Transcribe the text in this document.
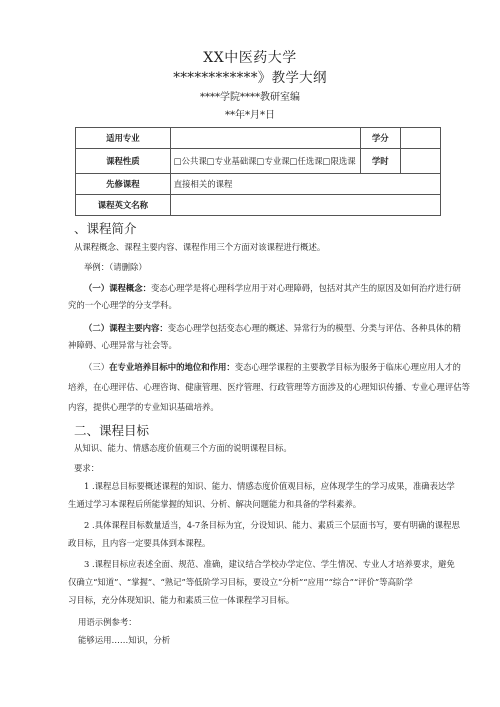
XX中医药大学
************》教学大纲
****学院****教研室编
**年*月*日
适用专业		学分	
课程性质	□公共课□专业基础课□专业课□任选课□限选课	学时	
先修课程	直接相关的课程		
课程英文名称			
、课程简介
从课程概念、课程主要内容、课程作用三个方面对该课程进行概述。
举例：（请删除）
（一）课程概念：变态心理学是将心理科学应用于对心理障碍，包括对其产生的原因及如何治疗进行研
究的一个心理学的分支学科。
（二）课程主要内容：变态心理学包括变态心理的概述、异常行为的模型、分类与评估、各种具体的精
神障碍、心理异常与社会等。
（三）在专业培养目标中的地位和作用：变态心理学课程的主要教学目标为服务于临床心理应用人才的
培养，在心理评估、心理咨询、健康管理、医疗管理、行政管理等方面涉及的心理知识传播、专业心理评估等
内容，提供心理学的专业知识基础培养。
二、课程目标
从知识、能力、情感态度价值观三个方面的说明课程目标。
要求：
1 .课程总目标要概述课程的知识、能力、情感态度价值观目标，应体现学生的学习成果，准确表达学
生通过学习本课程后所能掌握的知识、分析、解决问题能力和具备的学科素养。
2 .具体课程目标数量适当，4-7条目标为宜，分设知识、能力、素质三个层面书写，要有明确的课程思
政目标，且内容一定要具体到本课程。
3 .课程目标应表述全面、规范、准确，建议结合学校办学定位、学生情况、专业人才培养要求，避免
仅确立“知道”、“掌握”、“熟记”等低阶学习目标，要设立“分析”“应用”“综合”“评价”等高阶学
习目标，充分体现知识、能力和素质三位一体课程学习目标。
用语示例参考：
能够运用……知识，分析
